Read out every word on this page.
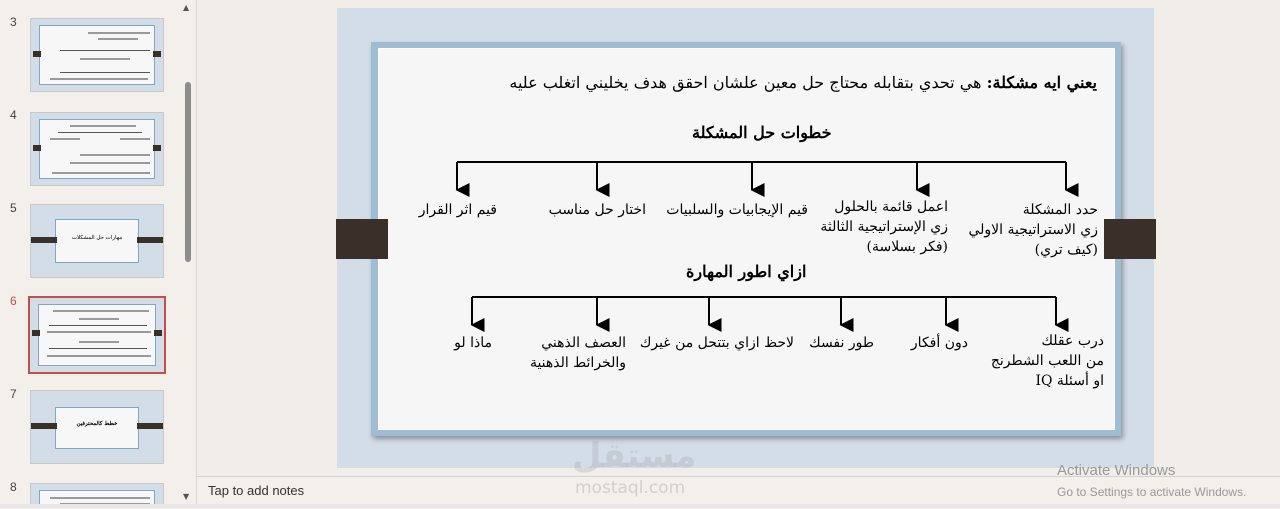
3
4
5
مهارات حل المشكلات
6
7
خطط كالمحترفين
8
▲
▼
يعني ايه مشكلة: هي تحدي بتقابله محتاج حل معين علشان احقق هدف يخليني اتغلب عليه
خطوات حل المشكلة
حدد المشكلة
زي الاستراتيجية الاولي
(كيف تري)
اعمل قائمة بالحلول
زي الإستراتيجية الثالثة
(فكر بسلاسة)
قيم الإيجابيات والسلبيات
اختار حل مناسب
قيم اثر القرار
ازاي اطور المهارة
درب عقلك
من اللعب الشطرنج
او أسئلة IQ
دون أفكار
طور نفسك
لاحظ ازاي بتتحل من غيرك
العصف الذهني
والخرائط الذهنية
ماذا لو
Tap to add notes
مستقل
mostaql.com
Activate Windows
Go to Settings to activate Windows.
